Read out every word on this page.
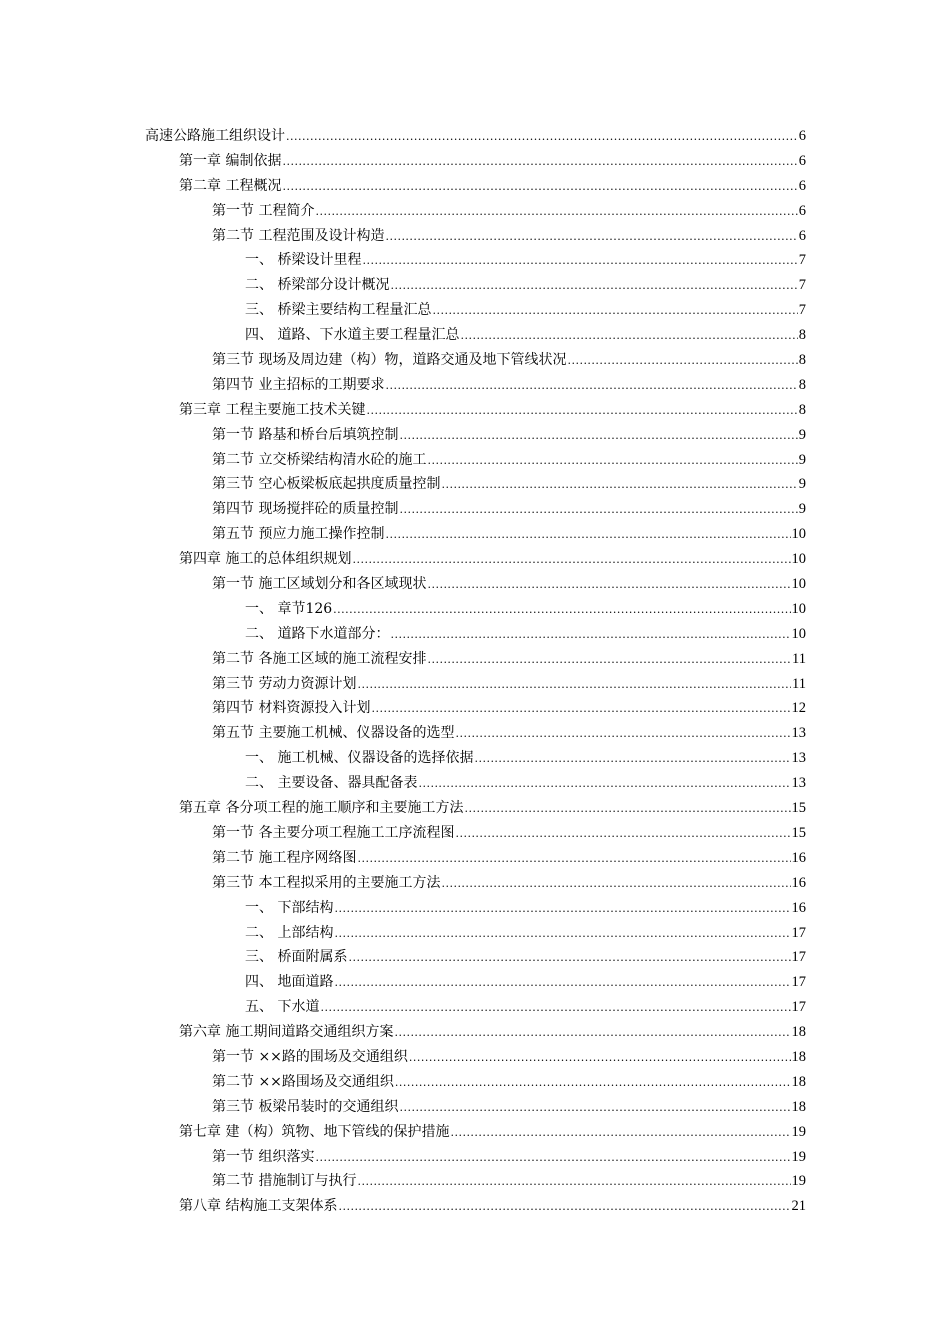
高速公路施工组织设计 .....	6
第一章 编制依据 .....	6
第二章 工程概况 .....	6
第一节 工程简介 .....	6
第二节 工程范围及设计构造 .....	6
一、 桥梁设计里程 .....	7
二、 桥梁部分设计概况 .....	7
三、 桥梁主要结构工程量汇总 .....	7
四、 道路、下水道主要工程量汇总 .....	8
第三节 现场及周边建（构）物，道路交通及地下管线状况 .....	8
第四节 业主招标的工期要求 .....	8
第三章 工程主要施工技术关键 .....	8
第一节 路基和桥台后填筑控制 .....	9
第二节 立交桥梁结构清水砼的施工 .....	9
第三节 空心板梁板底起拱度质量控制 .....	9
第四节 现场搅拌砼的质量控制 .....	9
第五节 预应力施工操作控制 .....	10
第四章 施工的总体组织规划 .....	10
第一节 施工区域划分和各区域现状 .....	10
一、 章节126 .....	10
二、 道路下水道部分： .....	10
第二节 各施工区域的施工流程安排 .....	11
第三节 劳动力资源计划 .....	11
第四节 材料资源投入计划 .....	12
第五节 主要施工机械、仪器设备的选型 .....	13
一、 施工机械、仪器设备的选择依据 .....	13
二、 主要设备、器具配备表 .....	13
第五章 各分项工程的施工顺序和主要施工方法 .....	15
第一节 各主要分项工程施工工序流程图 .....	15
第二节 施工程序网络图 .....	16
第三节 本工程拟采用的主要施工方法 .....	16
一、 下部结构 .....	16
二、 上部结构 .....	17
三、 桥面附属系 .....	17
四、 地面道路 .....	17
五、 下水道 .....	17
第六章 施工期间道路交通组织方案 .....	18
第一节 ××路的围场及交通组织 .....	18
第二节 ××路围场及交通组织 .....	18
第三节 板梁吊装时的交通组织 .....	18
第七章 建（构）筑物、地下管线的保护措施 .....	19
第一节 组织落实 .....	19
第二节 措施制订与执行 .....	19
第八章 结构施工支架体系 .....	21
